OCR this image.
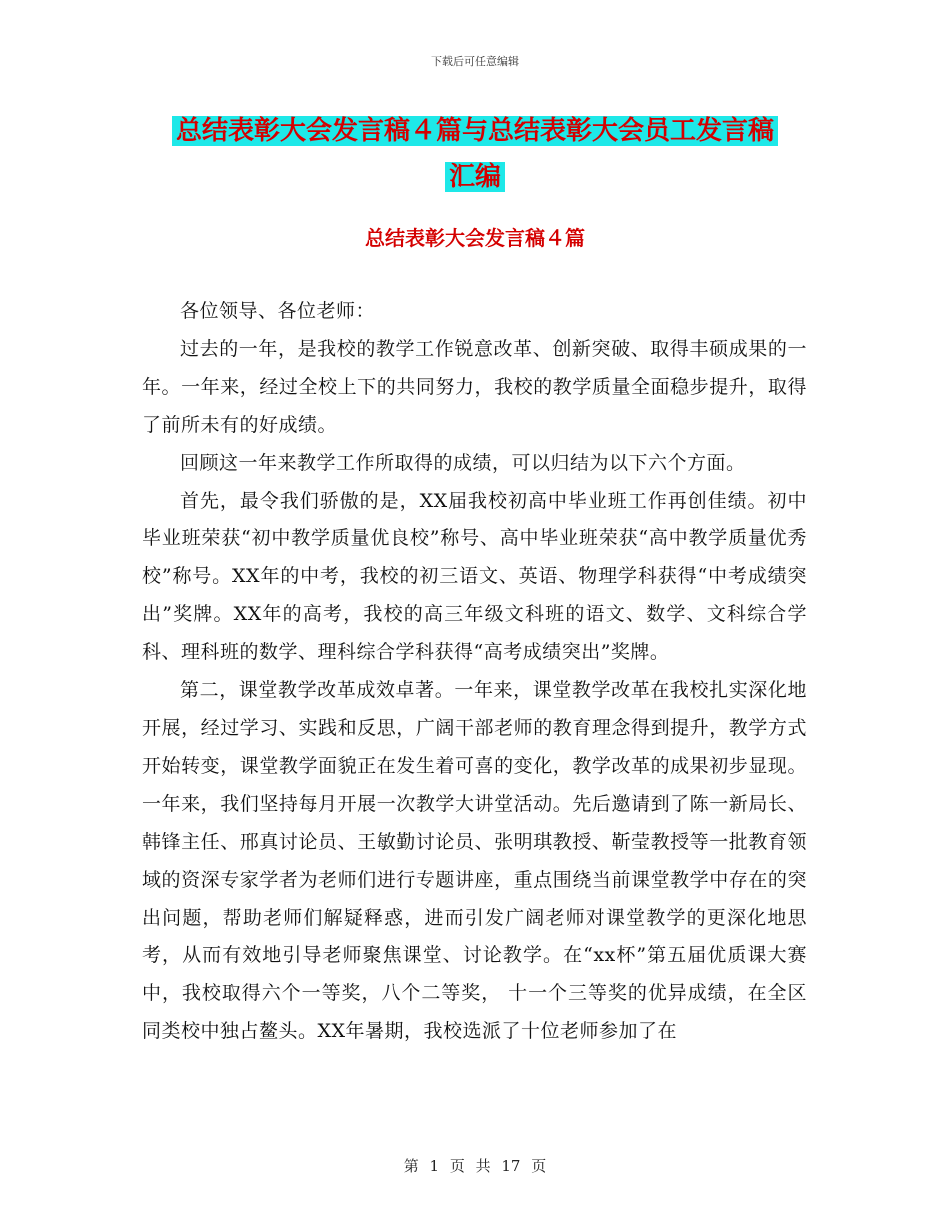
下载后可任意编辑
总结表彰大会发言稿４篇与总结表彰大会员工发言稿
汇编
总结表彰大会发言稿４篇

各位领导、各位老师：

过去的一年，是我校的教学工作锐意改革、创新突破、取得丰硕成果的一年。一年来，经过全校上下的共同努力，我校的教学质量全面稳步提升，取得了前所未有的好成绩。

回顾这一年来教学工作所取得的成绩，可以归结为以下六个方面。

首先，最令我们骄傲的是，XX届我校初高中毕业班工作再创佳绩。初中毕业班荣获“初中教学质量优良校”称号、高中毕业班荣获“高中教学质量优秀校”称号。XX年的中考，我校的初三语文、英语、物理学科获得“中考成绩突出”奖牌。XX年的高考，我校的高三年级文科班的语文、数学、文科综合学科、理科班的数学、理科综合学科获得“高考成绩突出”奖牌。

第二，课堂教学改革成效卓著。一年来，课堂教学改革在我校扎实深化地开展，经过学习、实践和反思，广阔干部老师的教育理念得到提升，教学方式开始转变，课堂教学面貌正在发生着可喜的变化，教学改革的成果初步显现。一年来，我们坚持每月开展一次教学大讲堂活动。先后邀请到了陈一新局长、韩锋主任、邢真讨论员、王敏勤讨论员、张明琪教授、靳莹教授等一批教育领域的资深专家学者为老师们进行专题讲座，重点围绕当前课堂教学中存在的突出问题，帮助老师们解疑释惑，进而引发广阔老师对课堂教学的更深化地思考，从而有效地引导老师聚焦课堂、讨论教学。在“xx杯”第五届优质课大赛中，我校取得六个一等奖，八个二等奖， 十一个三等奖的优异成绩，在全区同类校中独占鳌头。XX年暑期，我校选派了十位老师参加了在

第 1 页 共 17 页
